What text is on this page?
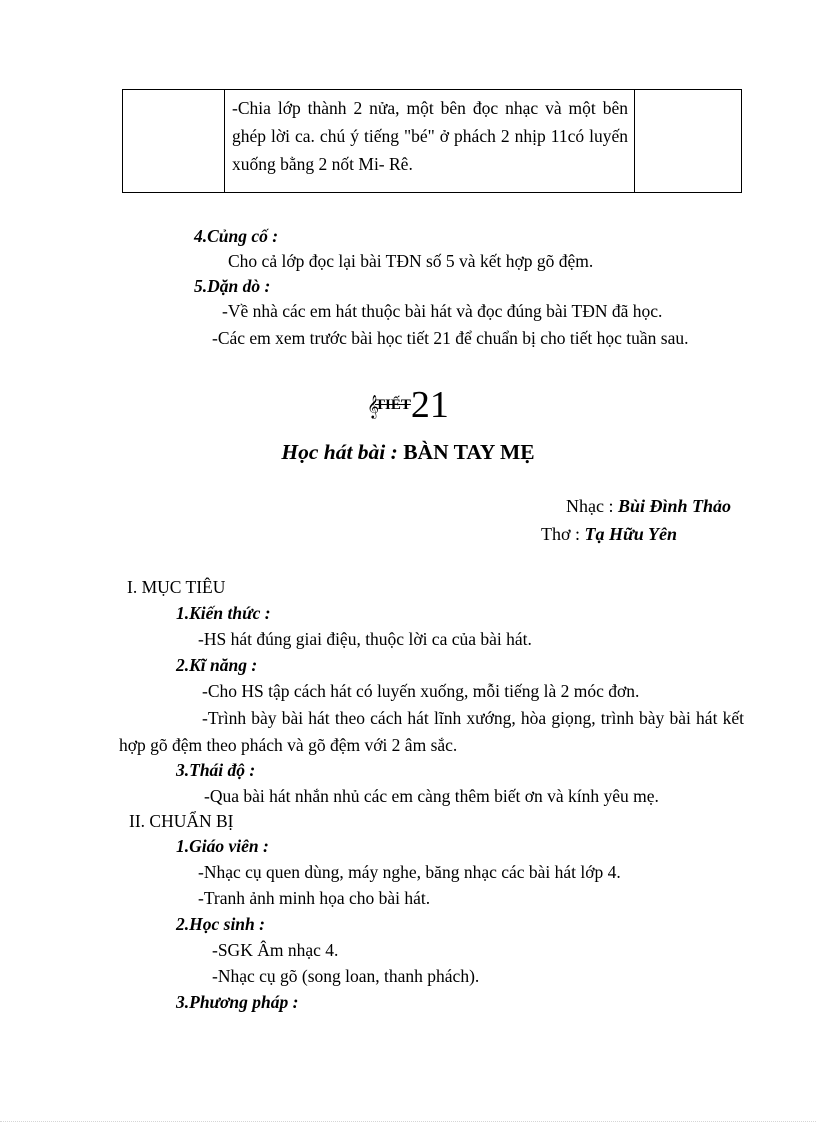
-Chia lớp thành 2 nửa, một bên đọc nhạc và một bên ghép lời ca. chú ý tiếng "bé" ở phách 2 nhịp 11có luyến xuống bằng 2 nốt Mi- Rê.
4.Củng cố :
Cho cả lớp đọc lại bài TĐN số 5 và kết hợp gõ đệm.
5.Dặn dò :
-Về nhà các em hát thuộc bài hát và đọc đúng bài TĐN đã học.
-Các em xem trước bài học tiết 21 để chuẩn bị cho tiết học tuần sau.
𝄞TIẾT21
Học hát bài : BÀN TAY MẸ
Nhạc : Bùi Đình Thảo
Thơ : Tạ Hữu Yên
I. MỤC TIÊU
1.Kiến thức :
-HS hát đúng giai điệu, thuộc lời ca của bài hát.
2.Kĩ năng :
-Cho HS tập cách hát có luyến xuống, mỗi tiếng là 2 móc đơn.
-Trình bày bài hát theo cách hát lĩnh xướng, hòa giọng, trình bày bài hát kết hợp gõ đệm theo phách và gõ đệm với 2 âm sắc.
3.Thái độ :
-Qua bài hát nhắn nhủ các em càng thêm biết ơn và kính yêu mẹ.
II. CHUẨN BỊ
1.Giáo viên :
-Nhạc cụ quen dùng, máy nghe, băng nhạc các bài hát lớp 4.
-Tranh ảnh minh họa cho bài hát.
2.Học sinh :
-SGK Âm nhạc 4.
-Nhạc cụ gõ (song loan, thanh phách).
3.Phương pháp :
